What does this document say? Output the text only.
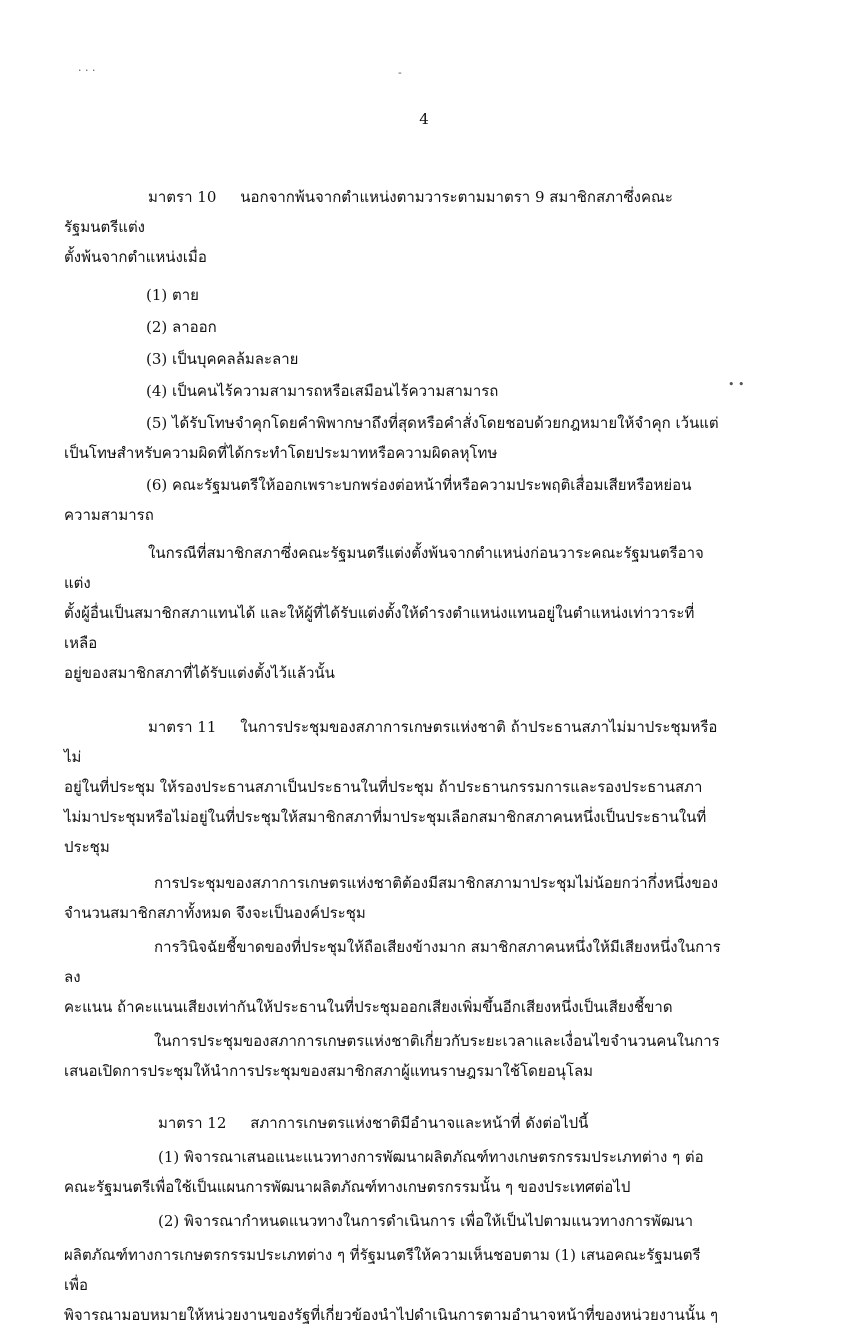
· · ·	-
• •
4

มาตรา 10 นอกจากพ้นจากตำแหน่งตามวาระตามมาตรา 9 สมาชิกสภาซึ่งคณะรัฐมนตรีแต่ง

ตั้งพ้นจากตำแหน่งเมื่อ

(1) ตาย

(2) ลาออก

(3) เป็นบุคคลล้มละลาย

(4) เป็นคนไร้ความสามารถหรือเสมือนไร้ความสามารถ

(5) ได้รับโทษจำคุกโดยคำพิพากษาถึงที่สุดหรือคำสั่งโดยชอบด้วยกฎหมายให้จำคุก เว้นแต่

เป็นโทษสำหรับความผิดที่ได้กระทำโดยประมาทหรือความผิดลหุโทษ

(6) คณะรัฐมนตรีให้ออกเพราะบกพร่องต่อหน้าที่หรือความประพฤติเสื่อมเสียหรือหย่อน

ความสามารถ

ในกรณีที่สมาชิกสภาซึ่งคณะรัฐมนตรีแต่งตั้งพ้นจากตำแหน่งก่อนวาระคณะรัฐมนตรีอาจแต่ง

ตั้งผู้อื่นเป็นสมาชิกสภาแทนได้ และให้ผู้ที่ได้รับแต่งตั้งให้ดำรงตำแหน่งแทนอยู่ในตำแหน่งเท่าวาระที่เหลือ

อยู่ของสมาชิกสภาที่ได้รับแต่งตั้งไว้แล้วนั้น

มาตรา 11 ในการประชุมของสภาการเกษตรแห่งชาติ ถ้าประธานสภาไม่มาประชุมหรือไม่

อยู่ในที่ประชุม ให้รองประธานสภาเป็นประธานในที่ประชุม ถ้าประธานกรรมการและรองประธานสภา

ไม่มาประชุมหรือไม่อยู่ในที่ประชุมให้สมาชิกสภาที่มาประชุมเลือกสมาชิกสภาคนหนึ่งเป็นประธานในที่

ประชุม

การประชุมของสภาการเกษตรแห่งชาติต้องมีสมาชิกสภามาประชุมไม่น้อยกว่ากึ่งหนึ่งของ

จำนวนสมาชิกสภาทั้งหมด จึงจะเป็นองค์ประชุม

การวินิจฉัยชี้ขาดของที่ประชุมให้ถือเสียงข้างมาก สมาชิกสภาคนหนึ่งให้มีเสียงหนึ่งในการลง

คะแนน ถ้าคะแนนเสียงเท่ากันให้ประธานในที่ประชุมออกเสียงเพิ่มขึ้นอีกเสียงหนึ่งเป็นเสียงชี้ขาด

ในการประชุมของสภาการเกษตรแห่งชาติเกี่ยวกับระยะเวลาและเงื่อนไขจำนวนคนในการ

เสนอเปิดการประชุมให้นำการประชุมของสมาชิกสภาผู้แทนราษฎรมาใช้โดยอนุโลม

มาตรา 12 สภาการเกษตรแห่งชาติมีอำนาจและหน้าที่ ดังต่อไปนี้

(1) พิจารณาเสนอแนะแนวทางการพัฒนาผลิตภัณฑ์ทางเกษตรกรรมประเภทต่าง ๆ ต่อ

คณะรัฐมนตรีเพื่อใช้เป็นแผนการพัฒนาผลิตภัณฑ์ทางเกษตรกรรมนั้น ๆ ของประเทศต่อไป

(2) พิจารณากำหนดแนวทางในการดำเนินการ เพื่อให้เป็นไปตามแนวทางการพัฒนา

ผลิตภัณฑ์ทางการเกษตรกรรมประเภทต่าง ๆ ที่รัฐมนตรีให้ความเห็นชอบตาม (1) เสนอคณะรัฐมนตรีเพื่อ

พิจารณามอบหมายให้หน่วยงานของรัฐที่เกี่ยวข้องนำไปดำเนินการตามอำนาจหน้าที่ของหน่วยงานนั้น ๆ
